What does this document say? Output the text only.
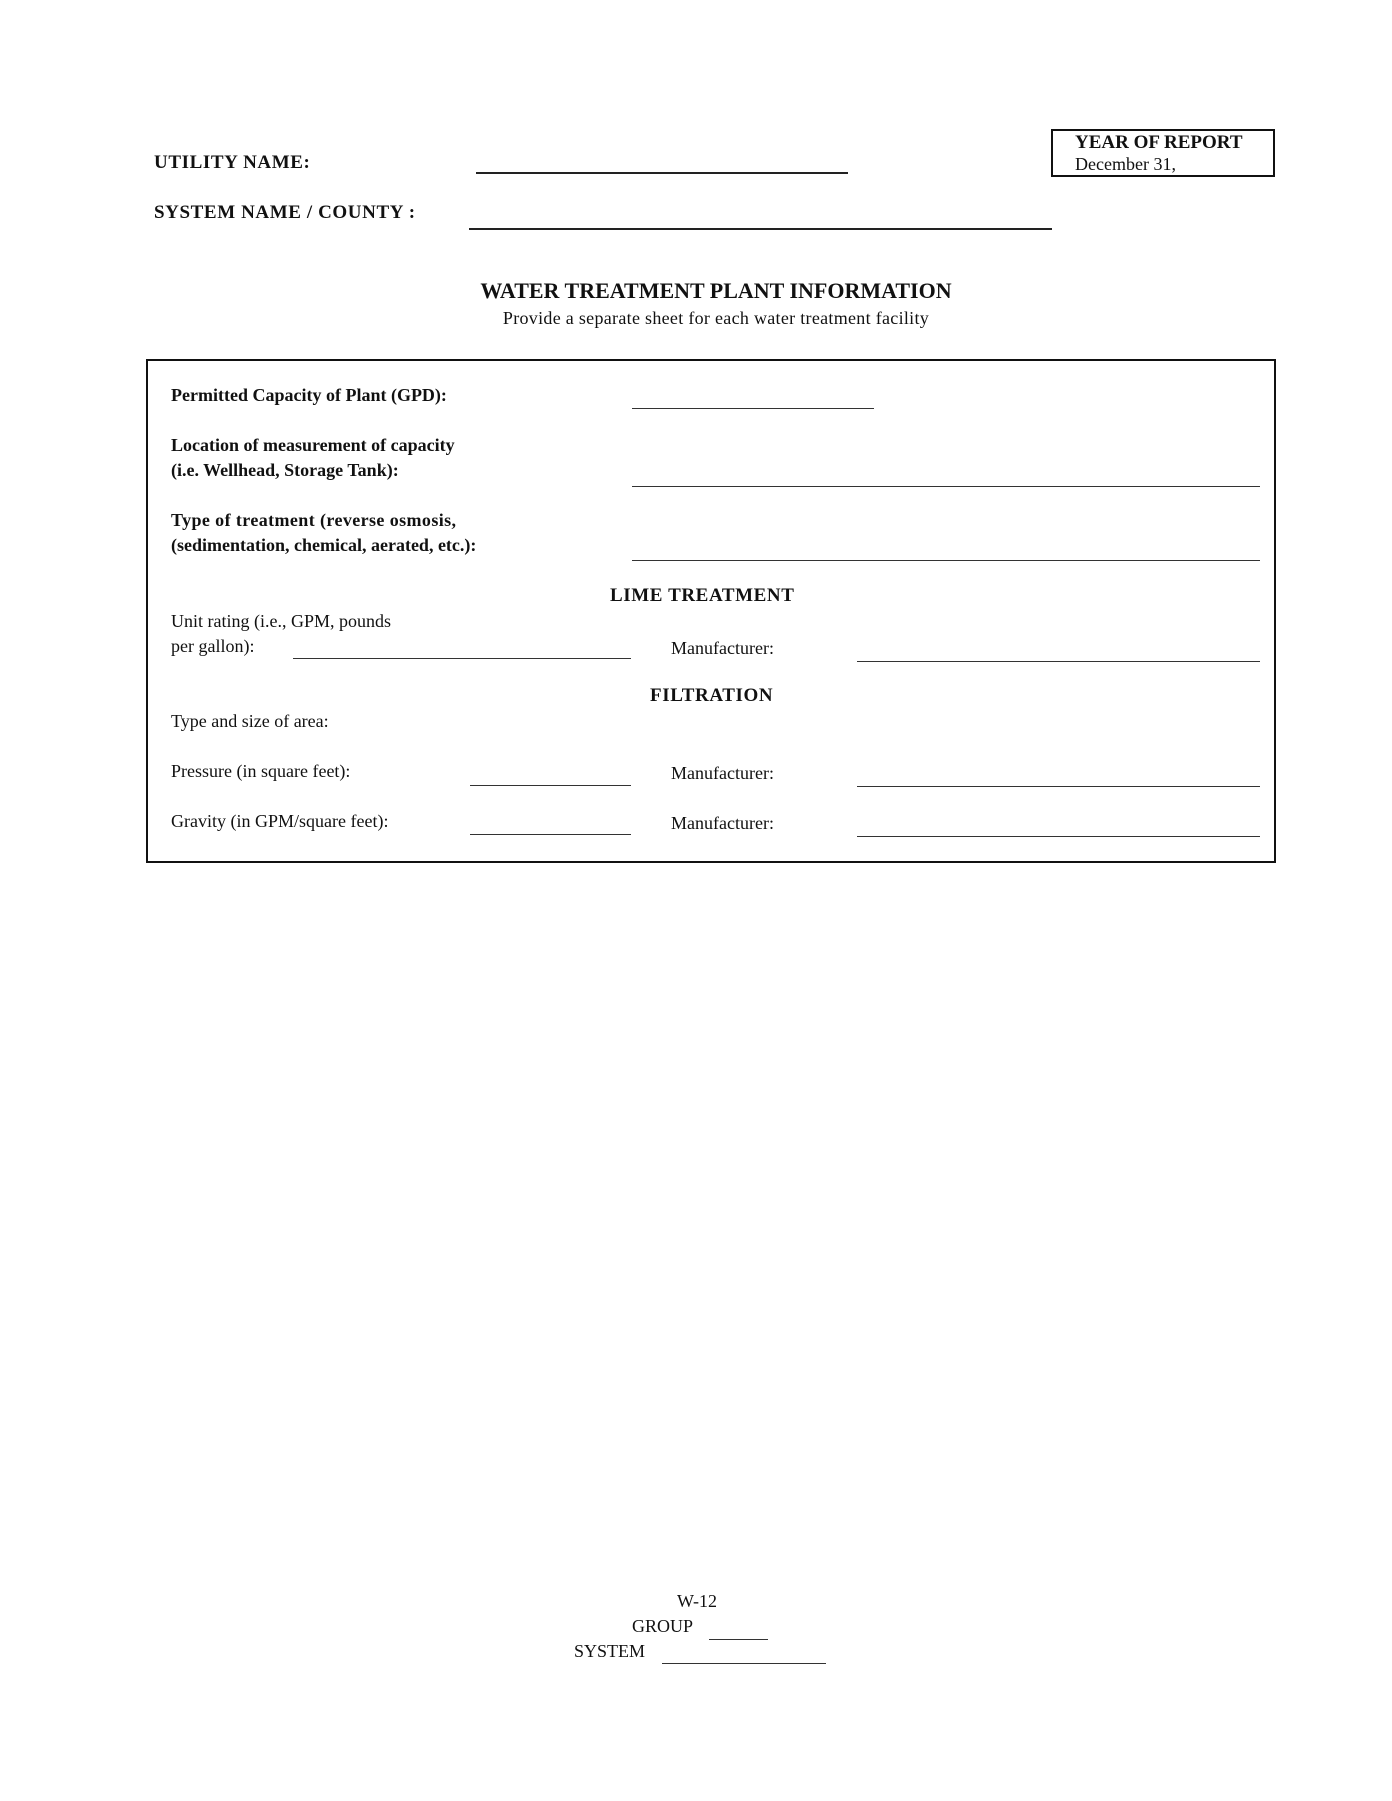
UTILITY NAME:
SYSTEM NAME / COUNTY :
YEAR OF REPORT
December 31,
WATER TREATMENT PLANT INFORMATION
Provide a separate sheet for each water treatment facility
Permitted Capacity of Plant (GPD):
Location of measurement of capacity
(i.e. Wellhead, Storage Tank):
Type of treatment (reverse osmosis,
(sedimentation, chemical, aerated, etc.):
LIME TREATMENT
Unit rating (i.e., GPM, pounds
per gallon):	Manufacturer:
FILTRATION
Type and size of area:
Pressure (in square feet):	Manufacturer:
Gravity (in GPM/square feet):	Manufacturer:
W-12
GROUP
SYSTEM
